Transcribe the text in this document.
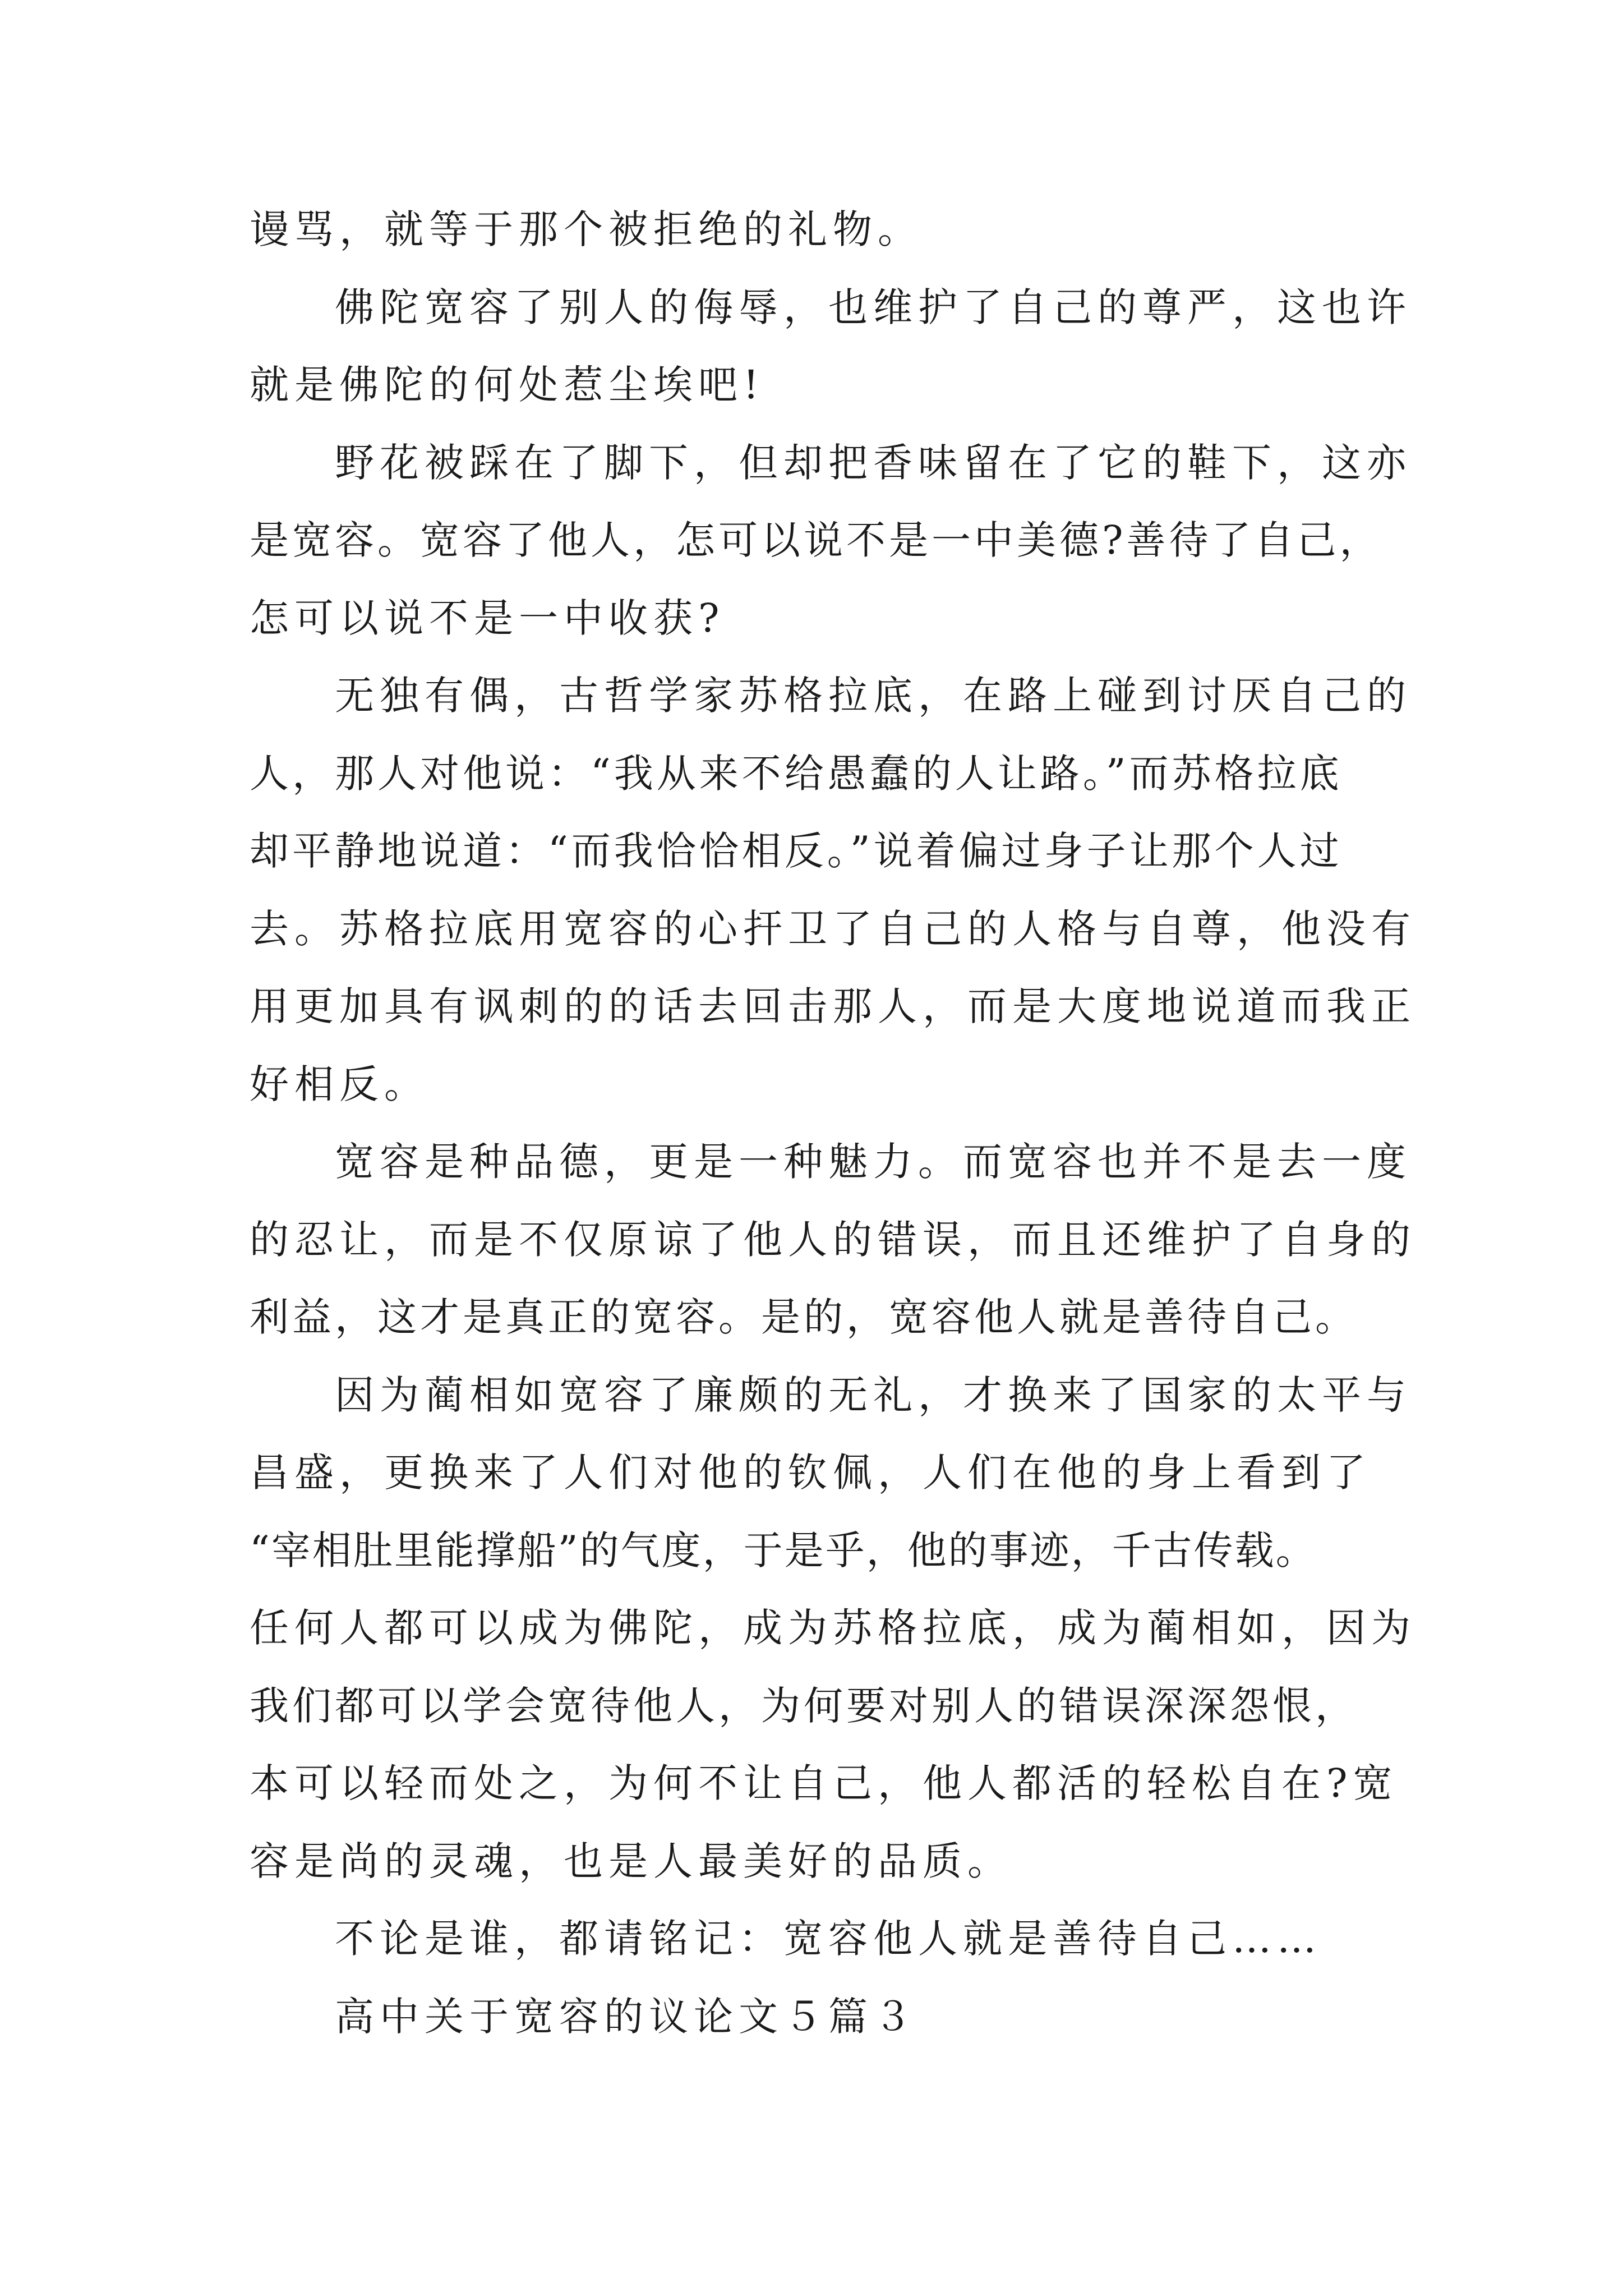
谩骂，就等于那个被拒绝的礼物。
佛陀宽容了别人的侮辱，也维护了自己的尊严，这也许
就是佛陀的何处惹尘埃吧!
野花被踩在了脚下，但却把香味留在了它的鞋下，这亦
是宽容。宽容了他人，怎可以说不是一中美德?善待了自己，
怎可以说不是一中收获?
无独有偶，古哲学家苏格拉底，在路上碰到讨厌自己的
人，那人对他说：“我从来不给愚蠢的人让路。”而苏格拉底
却平静地说道：“而我恰恰相反。”说着偏过身子让那个人过
去。苏格拉底用宽容的心扞卫了自己的人格与自尊，他没有
用更加具有讽刺的的话去回击那人，而是大度地说道而我正
好相反。
宽容是种品德，更是一种魅力。而宽容也并不是去一度
的忍让，而是不仅原谅了他人的错误，而且还维护了自身的
利益，这才是真正的宽容。是的，宽容他人就是善待自己。
因为蔺相如宽容了廉颇的无礼，才换来了国家的太平与
昌盛，更换来了人们对他的钦佩，人们在他的身上看到了
“宰相肚里能撑船”的气度，于是乎，他的事迹，千古传载。
任何人都可以成为佛陀，成为苏格拉底，成为蔺相如，因为
我们都可以学会宽待他人，为何要对别人的错误深深怨恨，
本可以轻而处之，为何不让自己，他人都活的轻松自在?宽
容是尚的灵魂，也是人最美好的品质。
不论是谁，都请铭记：宽容他人就是善待自己……
高中关于宽容的议论文５篇３
